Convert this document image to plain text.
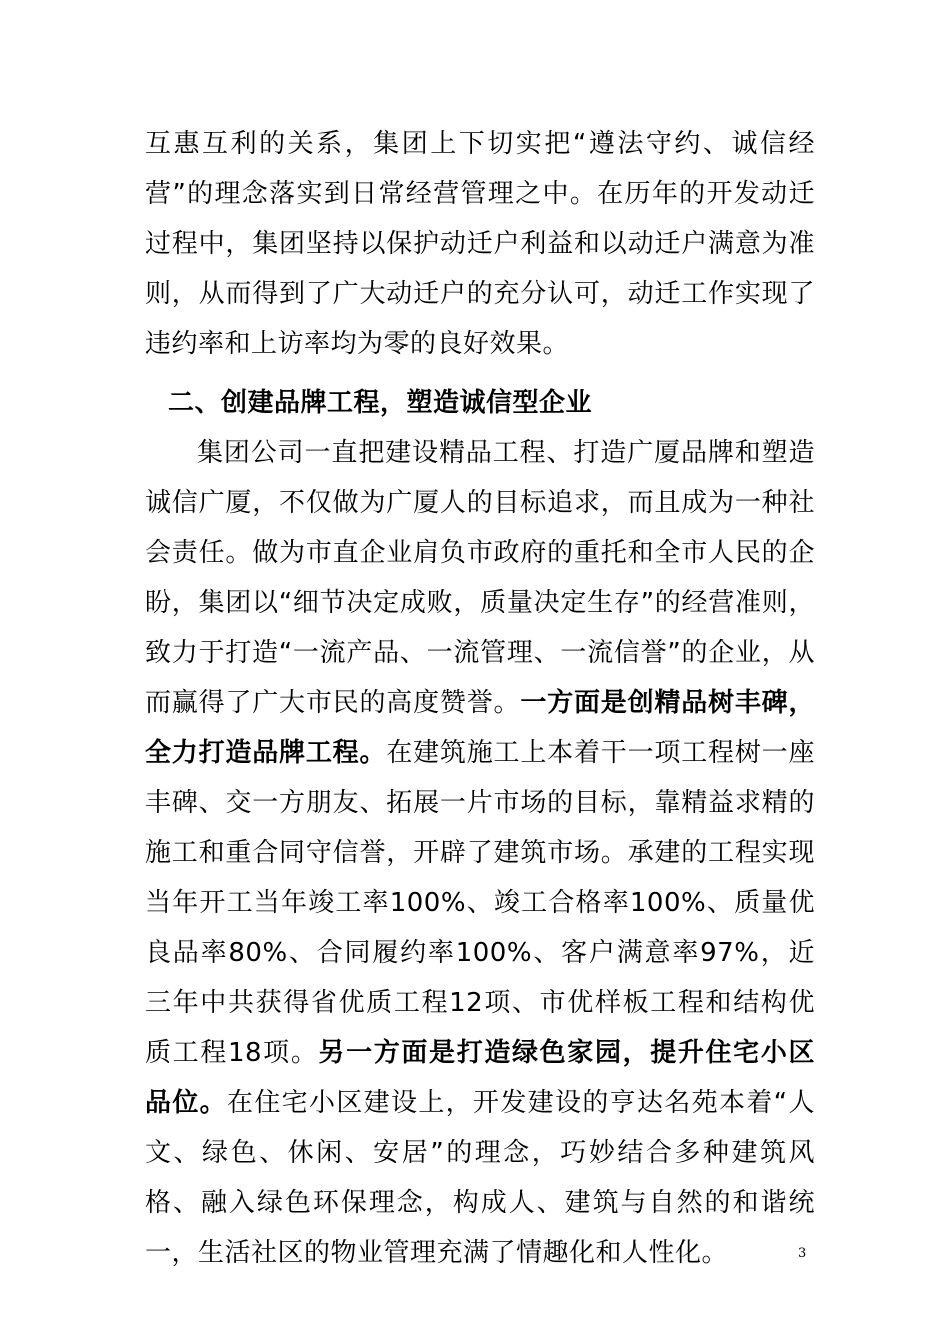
互惠互利的关系，集团上下切实把“遵法守约、诚信经营”的理念落实到日常经营管理之中。在历年的开发动迁过程中，集团坚持以保护动迁户利益和以动迁户满意为准则，从而得到了广大动迁户的充分认可，动迁工作实现了违约率和上访率均为零的良好效果。

二、创建品牌工程，塑造诚信型企业

集团公司一直把建设精品工程、打造广厦品牌和塑造诚信广厦，不仅做为广厦人的目标追求，而且成为一种社会责任。做为市直企业肩负市政府的重托和全市人民的企盼，集团以“细节决定成败，质量决定生存”的经营准则，致力于打造“一流产品、一流管理、一流信誉”的企业，从而赢得了广大市民的高度赞誉。一方面是创精品树丰碑，全力打造品牌工程。在建筑施工上本着干一项工程树一座丰碑、交一方朋友、拓展一片市场的目标，靠精益求精的施工和重合同守信誉，开辟了建筑市场。承建的工程实现当年开工当年竣工率100%、竣工合格率100%、质量优良品率80%、合同履约率100%、客户满意率97%，近三年中共获得省优质工程12项、市优样板工程和结构优质工程18项。另一方面是打造绿色家园，提升住宅小区品位。在住宅小区建设上，开发建设的亨达名苑本着“人文、绿色、休闲、安居”的理念，巧妙结合多种建筑风格、融入绿色环保理念，构成人、建筑与自然的和谐统一，生活社区的物业管理充满了情趣化和人性化。	3
